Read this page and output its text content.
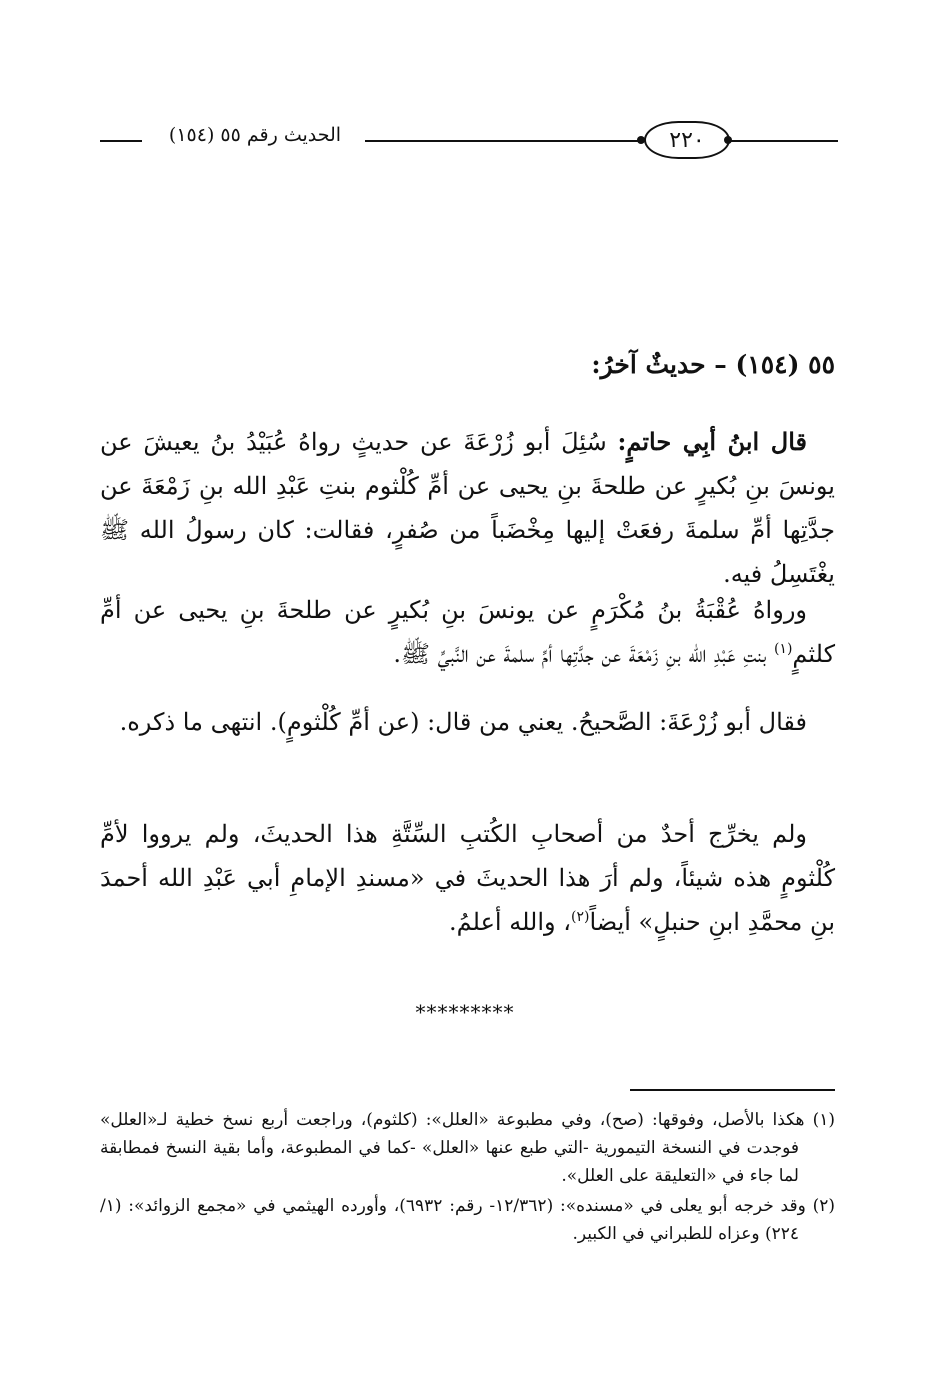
٢٢٠
الحديث رقم ٥٥ (١٥٤)
٥٥ (١٥٤) – حديثٌ آخرُ:
قال ابنُ أبِي حاتمٍ: سُئِلَ أبو زُرْعَةَ عن حديثٍ رواهُ عُبَيْدُ بنُ يعيشَ عن يونسَ بنِ بُكيرٍ عن طلحةَ بنِ يحيى عن أمِّ كُلْثوم بنتِ عَبْدِ الله بنِ زَمْعَةَ عن جدَّتِها أمِّ سلمةَ رفعَتْ إليها مِخْضَباً من صُفرٍ، فقالت: كان رسولُ الله ﷺ يغْتَسِلُ فيه.
ورواهُ عُقْبَةُ بنُ مُكْرَمٍ عن يونسَ بنِ بُكيرٍ عن طلحةَ بنِ يحيى عن أمِّ كلثمٍ$^{(١)}$ بنتِ عَبْدِ الله بنِ زَمْعَةَ عن جدَّتِها أمِّ سلمةَ عن النَّبيِّ ﷺ.
فقال أبو زُرْعَةَ: الصَّحيحُ. يعني من قال: (عن أمِّ كُلْثومٍ). انتهى ما ذكره.
ولم يخرِّج أحدٌ من أصحابِ الكُتبِ السِّتَّةِ هذا الحديثَ، ولم يرووا لأمِّ كُلْثومٍ هذه شيئاً، ولم أرَ هذا الحديثَ في «مسندِ الإمامِ أبي عَبْدِ الله أحمدَ بنِ محمَّدِ ابنِ حنبلٍ» أيضاً$^{(٢)}$، والله أعلمُ.
*********

(١) هكذا بالأصل، وفوقها: (صح)، وفي مطبوعة «العلل»: (كلثوم)، وراجعت أربع نسخ خطية لـ«العلل» فوجدت في النسخة التيمورية -التي طبع عنها «العلل» -كما في المطبوعة، وأما بقية النسخ فمطابقة لما جاء في «التعليقة على العلل».

(٢) وقد خرجه أبو يعلى في «مسنده»: (١٢/٣٦٢- رقم: ٦٩٣٢)، وأورده الهيثمي في «مجمع الزوائد»: (١/ ٢٢٤) وعزاه للطبراني في الكبير.
